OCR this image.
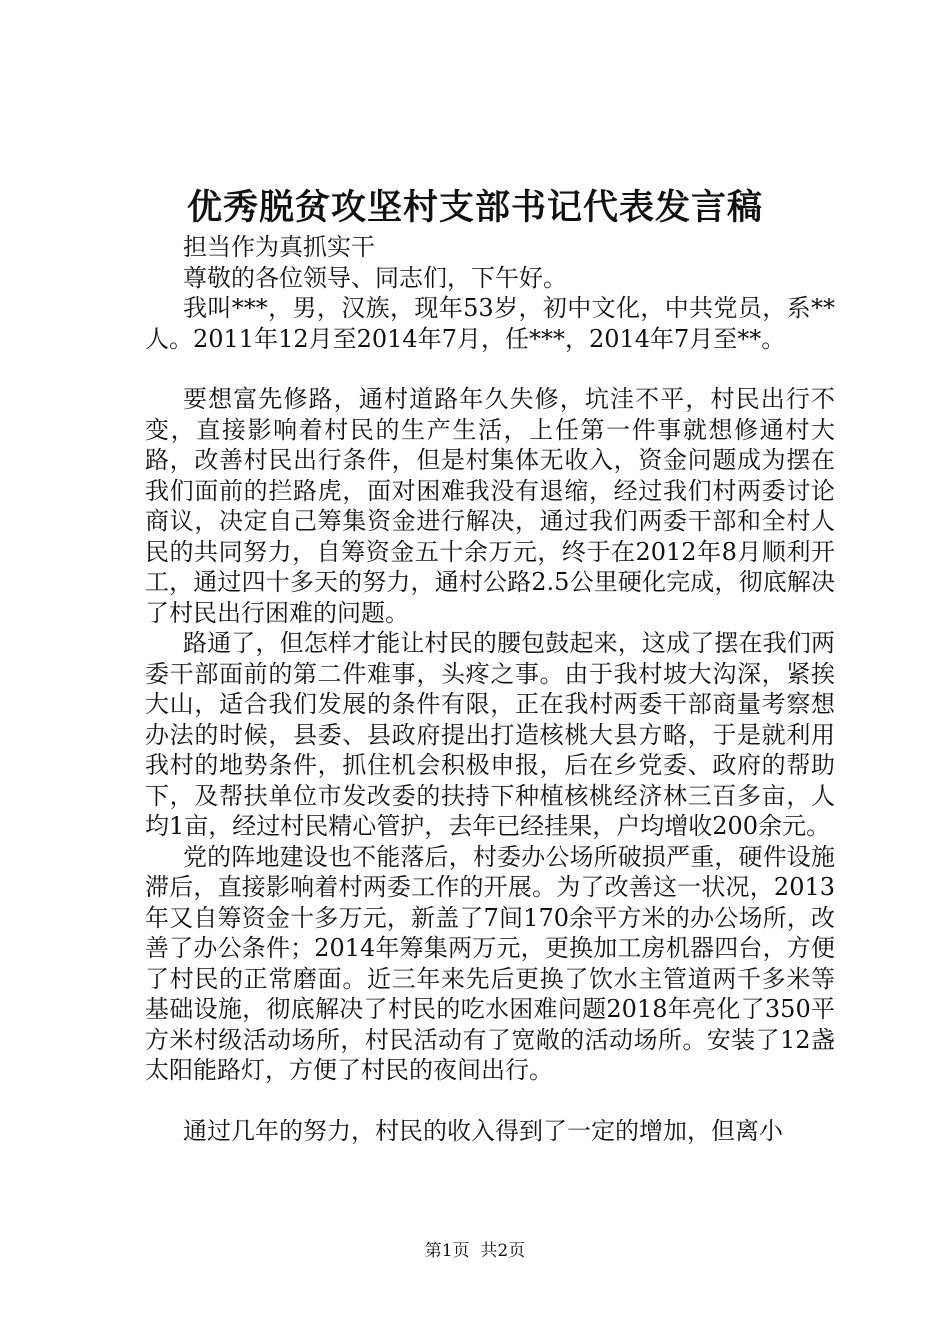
优秀脱贫攻坚村支部书记代表发言稿

担当作为真抓实干

尊敬的各位领导、同志们，下午好。

我叫***，男，汉族，现年53岁，初中文化，中共党员，系**人。2011年12月至2014年7月，任***，2014年7月至**。

要想富先修路，通村道路年久失修，坑洼不平，村民出行不变，直接影响着村民的生产生活，上任第一件事就想修通村大路，改善村民出行条件，但是村集体无收入，资金问题成为摆在我们面前的拦路虎，面对困难我没有退缩，经过我们村两委讨论商议，决定自己筹集资金进行解决，通过我们两委干部和全村人民的共同努力，自筹资金五十余万元，终于在2012年8月顺利开工，通过四十多天的努力，通村公路2.5公里硬化完成，彻底解决了村民出行困难的问题。

路通了，但怎样才能让村民的腰包鼓起来，这成了摆在我们两委干部面前的第二件难事，头疼之事。由于我村坡大沟深，紧挨大山，适合我们发展的条件有限，正在我村两委干部商量考察想办法的时候，县委、县政府提出打造核桃大县方略，于是就利用我村的地势条件，抓住机会积极申报，后在乡党委、政府的帮助下，及帮扶单位市发改委的扶持下种植核桃经济林三百多亩，人均1亩，经过村民精心管护，去年已经挂果，户均增收200余元。

党的阵地建设也不能落后，村委办公场所破损严重，硬件设施滞后，直接影响着村两委工作的开展。为了改善这一状况，2013年又自筹资金十多万元，新盖了7间170余平方米的办公场所，改善了办公条件；2014年筹集两万元，更换加工房机器四台，方便了村民的正常磨面。近三年来先后更换了饮水主管道两千多米等基础设施，彻底解决了村民的吃水困难问题2018年亮化了350平方米村级活动场所，村民活动有了宽敞的活动场所。安装了12盏太阳能路灯，方便了村民的夜间出行。

通过几年的努力，村民的收入得到了一定的增加，但离小

第1页 共2页
